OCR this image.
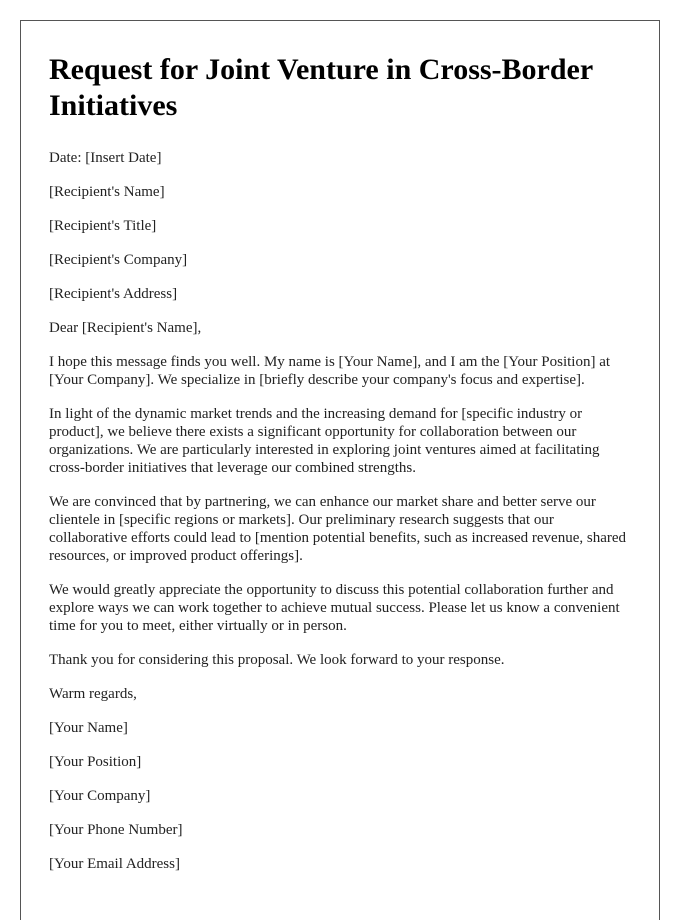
Request for Joint Venture in Cross-Border Initiatives

Date: [Insert Date]

[Recipient's Name]

[Recipient's Title]

[Recipient's Company]

[Recipient's Address]

Dear [Recipient's Name],

I hope this message finds you well. My name is [Your Name], and I am the [Your Position] at [Your Company]. We specialize in [briefly describe your company's focus and expertise].

In light of the dynamic market trends and the increasing demand for [specific industry or product], we believe there exists a significant opportunity for collaboration between our organizations. We are particularly interested in exploring joint ventures aimed at facilitating cross-border initiatives that leverage our combined strengths.

We are convinced that by partnering, we can enhance our market share and better serve our clientele in [specific regions or markets]. Our preliminary research suggests that our collaborative efforts could lead to [mention potential benefits, such as increased revenue, shared resources, or improved product offerings].

We would greatly appreciate the opportunity to discuss this potential collaboration further and explore ways we can work together to achieve mutual success. Please let us know a convenient time for you to meet, either virtually or in person.

Thank you for considering this proposal. We look forward to your response.

Warm regards,

[Your Name]

[Your Position]

[Your Company]

[Your Phone Number]

[Your Email Address]
